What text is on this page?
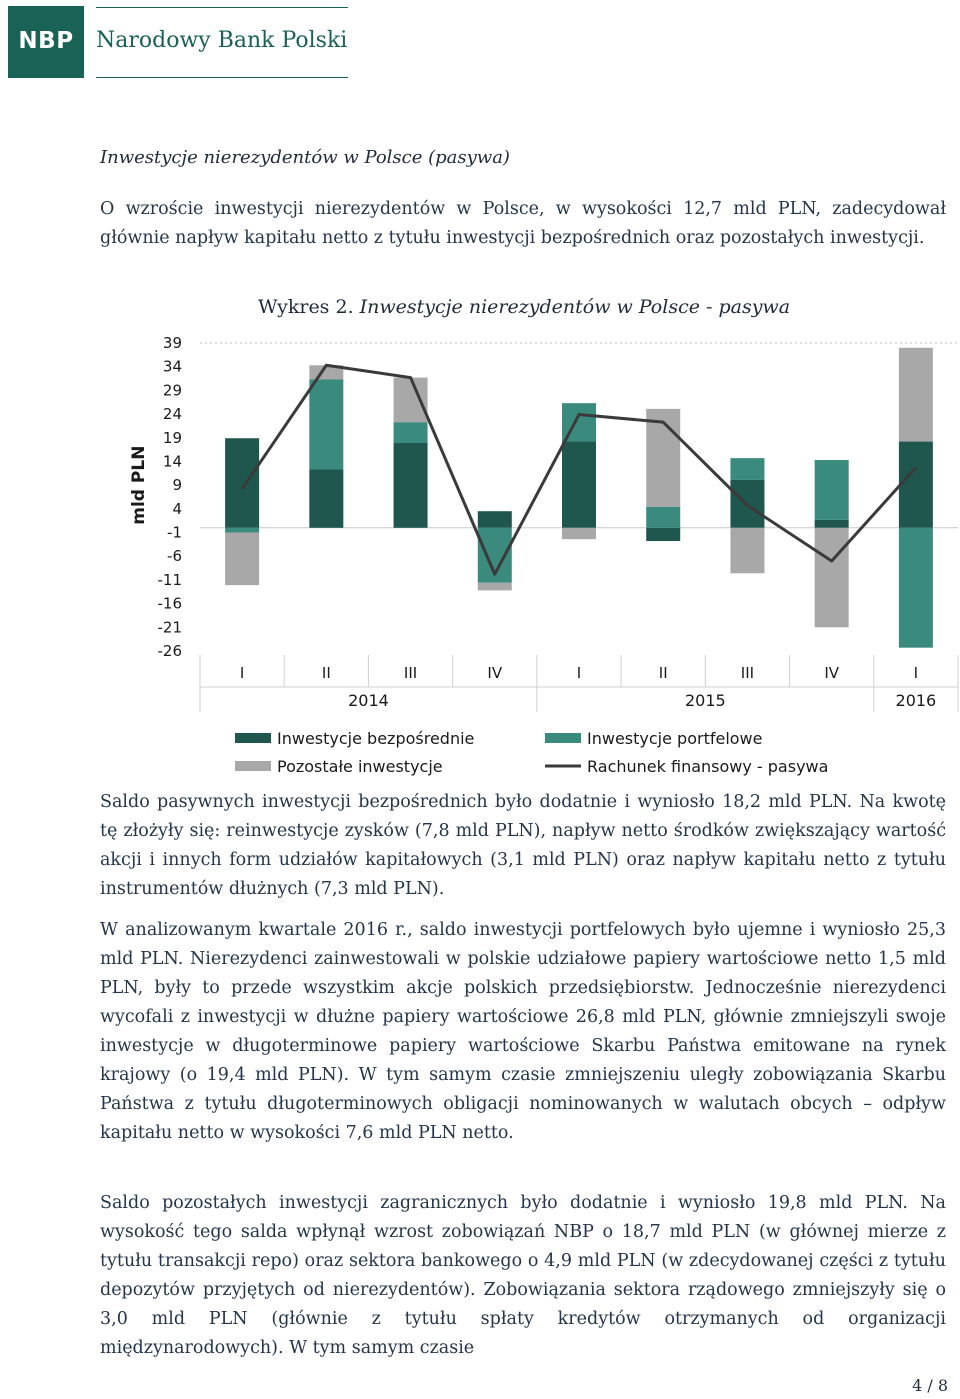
NBP	Narodowy Bank Polski
Inwestycje nierezydentów w Polsce (pasywa)
O wzroście inwestycji nierezydentów w Polsce, w wysokości 12,7 mld PLN, zadecydował głównie napływ kapitału netto z tytułu inwestycji bezpośrednich oraz pozostałych inwestycji.
Wykres 2. Inwestycje nierezydentów w Polsce - pasywa
39
34
29
24
19
14
9
4
-1
-6
-11
-16
-21
-26
mld PLN
I	II	III	IV	I	II	III	IV	I
2014	2015	2016
Inwestycje bezpośrednie	Inwestycje portfelowe
Pozostałe inwestycje	Rachunek finansowy - pasywa
Saldo pasywnych inwestycji bezpośrednich było dodatnie i wyniosło 18,2 mld PLN. Na kwotę tę złożyły się: reinwestycje zysków (7,8 mld PLN), napływ netto środków zwiększający wartość akcji i innych form udziałów kapitałowych (3,1 mld PLN) oraz napływ kapitału netto z tytułu instrumentów dłużnych (7,3 mld PLN).
W analizowanym kwartale 2016 r., saldo inwestycji portfelowych było ujemne i wyniosło 25,3 mld PLN. Nierezydenci zainwestowali w polskie udziałowe papiery wartościowe netto 1,5 mld PLN, były to przede wszystkim akcje polskich przedsiębiorstw. Jednocześnie nierezydenci wycofali z inwestycji w dłużne papiery wartościowe 26,8 mld PLN, głównie zmniejszyli swoje inwestycje w długoterminowe papiery wartościowe Skarbu Państwa emitowane na rynek krajowy (o 19,4 mld PLN). W tym samym czasie zmniejszeniu uległy zobowiązania Skarbu Państwa z tytułu długoterminowych obligacji nominowanych w walutach obcych – odpływ kapitału netto w wysokości 7,6 mld PLN netto.
Saldo pozostałych inwestycji zagranicznych było dodatnie i wyniosło 19,8 mld PLN. Na wysokość tego salda wpłynął wzrost zobowiązań NBP o 18,7 mld PLN (w głównej mierze z tytułu transakcji repo) oraz sektora bankowego o 4,9 mld PLN (w zdecydowanej części z tytułu depozytów przyjętych od nierezydentów). Zobowiązania sektora rządowego zmniejszyły się o 3,0 mld PLN (głównie z tytułu spłaty kredytów otrzymanych od organizacji międzynarodowych). W tym samym czasie
4 / 8
